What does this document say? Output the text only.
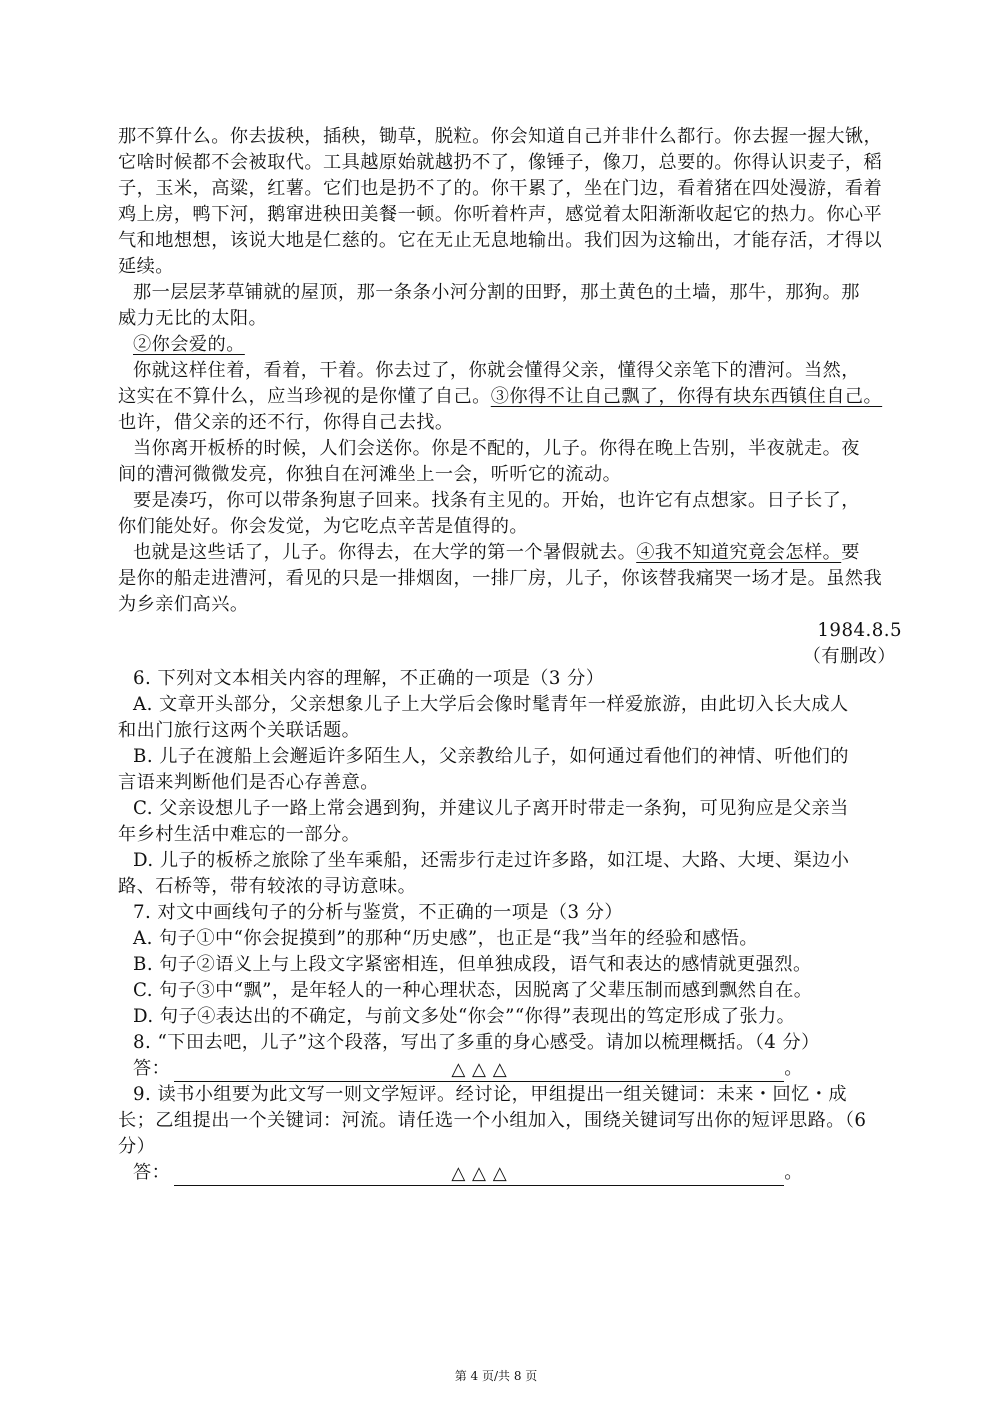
那不算什么。你去拔秧，插秧，锄草，脱粒。你会知道自己并非什么都行。你去握一握大锹，
它啥时候都不会被取代。工具越原始就越扔不了，像锤子，像刀，总要的。你得认识麦子，稻
子，玉米，高粱，红薯。它们也是扔不了的。你干累了，坐在门边，看着猪在四处漫游，看着
鸡上房，鸭下河，鹅窜进秧田美餐一顿。你听着杵声，感觉着太阳渐渐收起它的热力。你心平
气和地想想，该说大地是仁慈的。它在无止无息地输出。我们因为这输出，才能存活，才得以
延续。
那一层层茅草铺就的屋顶，那一条条小河分割的田野，那土黄色的土墙，那牛，那狗。那
威力无比的太阳。
②你会爱的。
你就这样住着，看着，干着。你去过了，你就会懂得父亲，懂得父亲笔下的漕河。当然，
这实在不算什么，应当珍视的是你懂了自己。③你得不让自己飘了，你得有块东西镇住自己。
也许，借父亲的还不行，你得自己去找。
当你离开板桥的时候，人们会送你。你是不配的，儿子。你得在晚上告别，半夜就走。夜
间的漕河微微发亮，你独自在河滩坐上一会，听听它的流动。
要是凑巧，你可以带条狗崽子回来。找条有主见的。开始，也许它有点想家。日子长了，
你们能处好。你会发觉，为它吃点辛苦是值得的。
也就是这些话了，儿子。你得去，在大学的第一个暑假就去。④我不知道究竟会怎样。要
是你的船走进漕河，看见的只是一排烟囱，一排厂房，儿子，你该替我痛哭一场才是。虽然我
为乡亲们高兴。
1984.8.5
（有删改）
6. 下列对文本相关内容的理解，不正确的一项是（3 分）
A. 文章开头部分，父亲想象儿子上大学后会像时髦青年一样爱旅游，由此切入长大成人
和出门旅行这两个关联话题。
B. 儿子在渡船上会邂逅许多陌生人，父亲教给儿子，如何通过看他们的神情、听他们的
言语来判断他们是否心存善意。
C. 父亲设想儿子一路上常会遇到狗，并建议儿子离开时带走一条狗，可见狗应是父亲当
年乡村生活中难忘的一部分。
D. 儿子的板桥之旅除了坐车乘船，还需步行走过许多路，如江堤、大路、大埂、渠边小
路、石桥等，带有较浓的寻访意味。
7. 对文中画线句子的分析与鉴赏，不正确的一项是（3 分）
A. 句子①中“你会捉摸到”的那种“历史感”，也正是“我”当年的经验和感悟。
B. 句子②语义上与上段文字紧密相连，但单独成段，语气和表达的感情就更强烈。
C. 句子③中“飘”，是年轻人的一种心理状态，因脱离了父辈压制而感到飘然自在。
D. 句子④表达出的不确定，与前文多处“你会”“你得”表现出的笃定形成了张力。
8. “下田去吧，儿子”这个段落，写出了多重的身心感受。请加以梳理概括。（4 分）
答：	△ △ △	。
9. 读书小组要为此文写一则文学短评。经讨论，甲组提出一组关键词：未来・回忆・成
长；乙组提出一个关键词：河流。请任选一个小组加入，围绕关键词写出你的短评思路。（6
分）
答：	△ △ △	。
第 4 页/共 8 页
